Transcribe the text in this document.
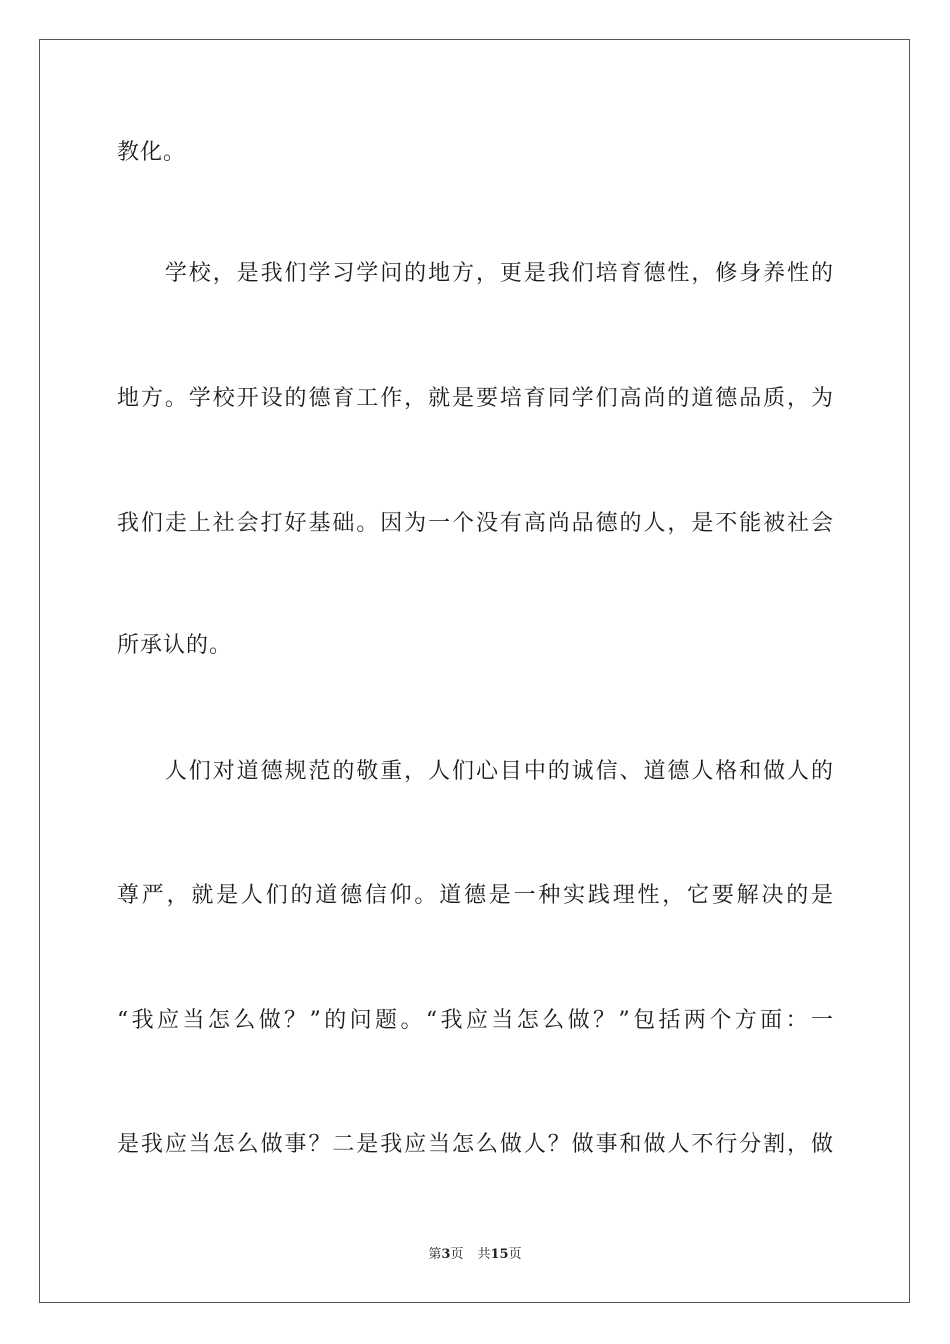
教化。
　　学校，是我们学习学问的地方，更是我们培育德性，修身养性的
地方。学校开设的德育工作，就是要培育同学们高尚的道德品质，为
我们走上社会打好基础。因为一个没有高尚品德的人，是不能被社会
所承认的。
　　人们对道德规范的敬重，人们心目中的诚信、道德人格和做人的
尊严，就是人们的道德信仰。道德是一种实践理性，它要解决的是
“我应当怎么做？”的问题。“我应当怎么做？”包括两个方面：一
是我应当怎么做事？二是我应当怎么做人？做事和做人不行分割，做
第3页 共15页
